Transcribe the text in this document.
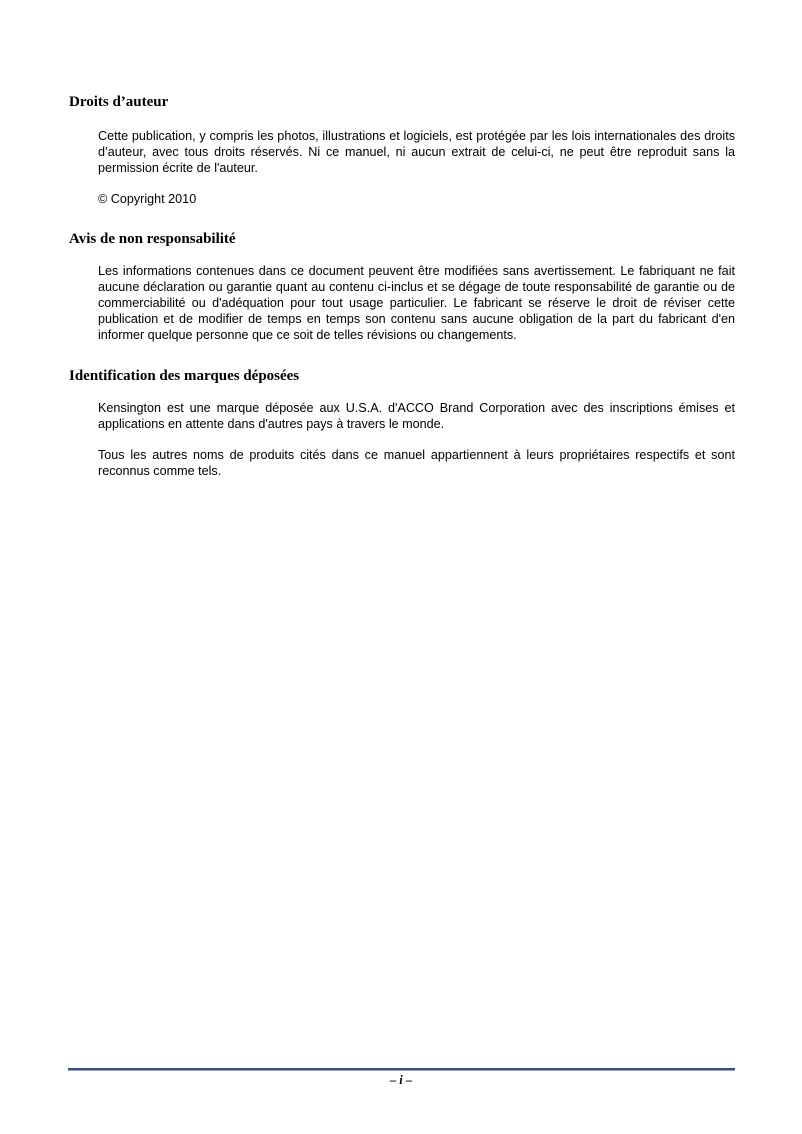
Droits d’auteur

Cette publication, y compris les photos, illustrations et logiciels, est protégée par les lois internationales des droits d’auteur, avec tous droits réservés. Ni ce manuel, ni aucun extrait de celui-ci, ne peut être reproduit sans la permission écrite de l'auteur.

© Copyright 2010

Avis de non responsabilité

Les informations contenues dans ce document peuvent être modifiées sans avertissement. Le fabriquant ne fait aucune déclaration ou garantie quant au contenu ci-inclus et se dégage de toute responsabilité de garantie ou de commerciabilité ou d'adéquation pour tout usage particulier. Le fabricant se réserve le droit de réviser cette publication et de modifier de temps en temps son contenu sans aucune obligation de la part du fabricant d'en informer quelque personne que ce soit de telles révisions ou changements.

Identification des marques déposées

Kensington est une marque déposée aux U.S.A. d'ACCO Brand Corporation avec des inscriptions émises et applications en attente dans d'autres pays à travers le monde.

Tous les autres noms de produits cités dans ce manuel appartiennent à leurs propriétaires respectifs et sont reconnus comme tels.

– i –
